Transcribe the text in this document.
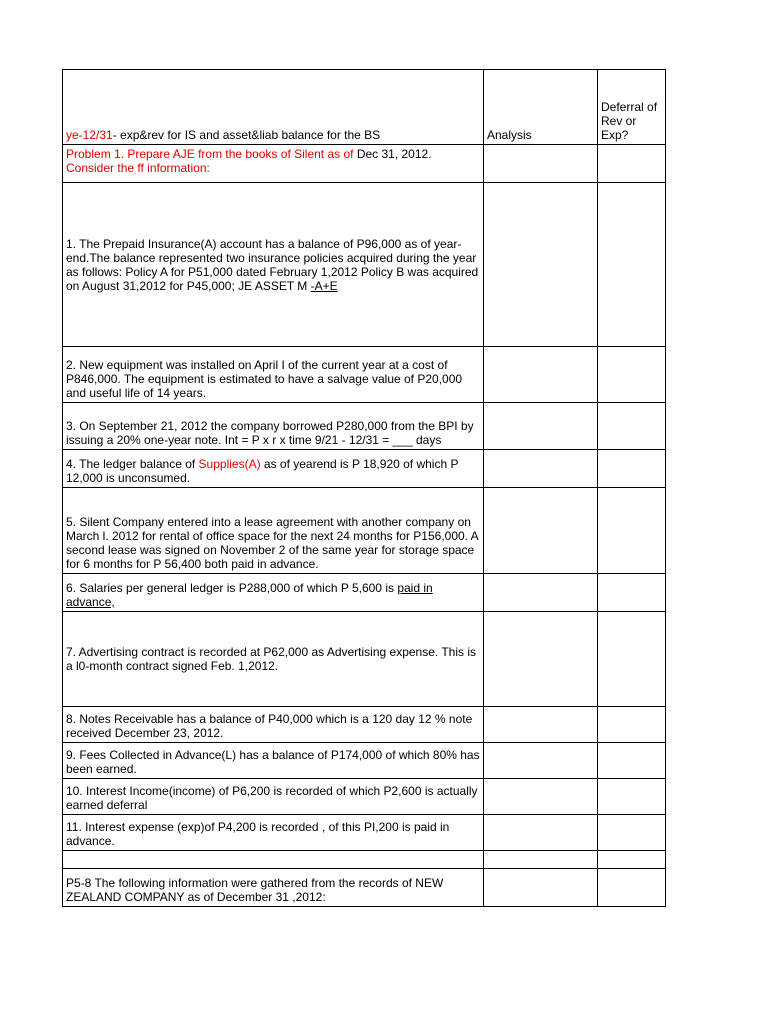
ye-12/31- exp&rev for IS and asset&liab balance for the BS	Analysis	Deferral of Rev or Exp?
Problem 1. Prepare AJE from the books of Silent as of Dec 31, 2012.
Consider the ff information:		
1. The Prepaid Insurance(A) account has a balance of P96,000 as of year-end.The balance represented two insurance policies acquired during the year as follows: Policy A for P51,000 dated February 1,2012 Policy B was acquired on August 31,2012 for P45,000; JE ASSET M -A+E		
2. New equipment was installed on April I of the current year at a cost of P846,000. The equipment is estimated to have a salvage value of P20,000 and useful life of 14 years.		
3. On September 21, 2012 the company borrowed P280,000 from the BPI by issuing a 20% one-year note. Int = P x r x time 9/21 - 12/31 = ___ days		
4. The ledger balance of Supplies(A) as of yearend is P 18,920 of which P 12,000 is unconsumed.		
5. Silent Company entered into a lease agreement with another company on March l. 2012 for rental of office space for the next 24 months for P156,000. A second lease was signed on November 2 of the same year for storage space for 6 months for P 56,400 both paid in advance.		
6. Salaries per general ledger is P288,000 of which P 5,600 is paid in advance,		
7. Advertising contract is recorded at P62,000 as Advertising expense. This is a l0-month contract signed Feb. 1,2012.		
8. Notes Receivable has a balance of P40,000 which is a 120 day 12 % note received December 23, 2012.		
9. Fees Collected in Advance(L) has a balance of P174,000 of which 80% has been earned.		
10. Interest Income(income) of P6,200 is recorded of which P2,600 is actually earned deferral		
11. Interest expense (exp)of P4,200 is recorded , of this PI,200 is paid in advance.		

P5-8 The following information were gathered from the records of NEW ZEALAND COMPANY as of December 31 ,2012:		
